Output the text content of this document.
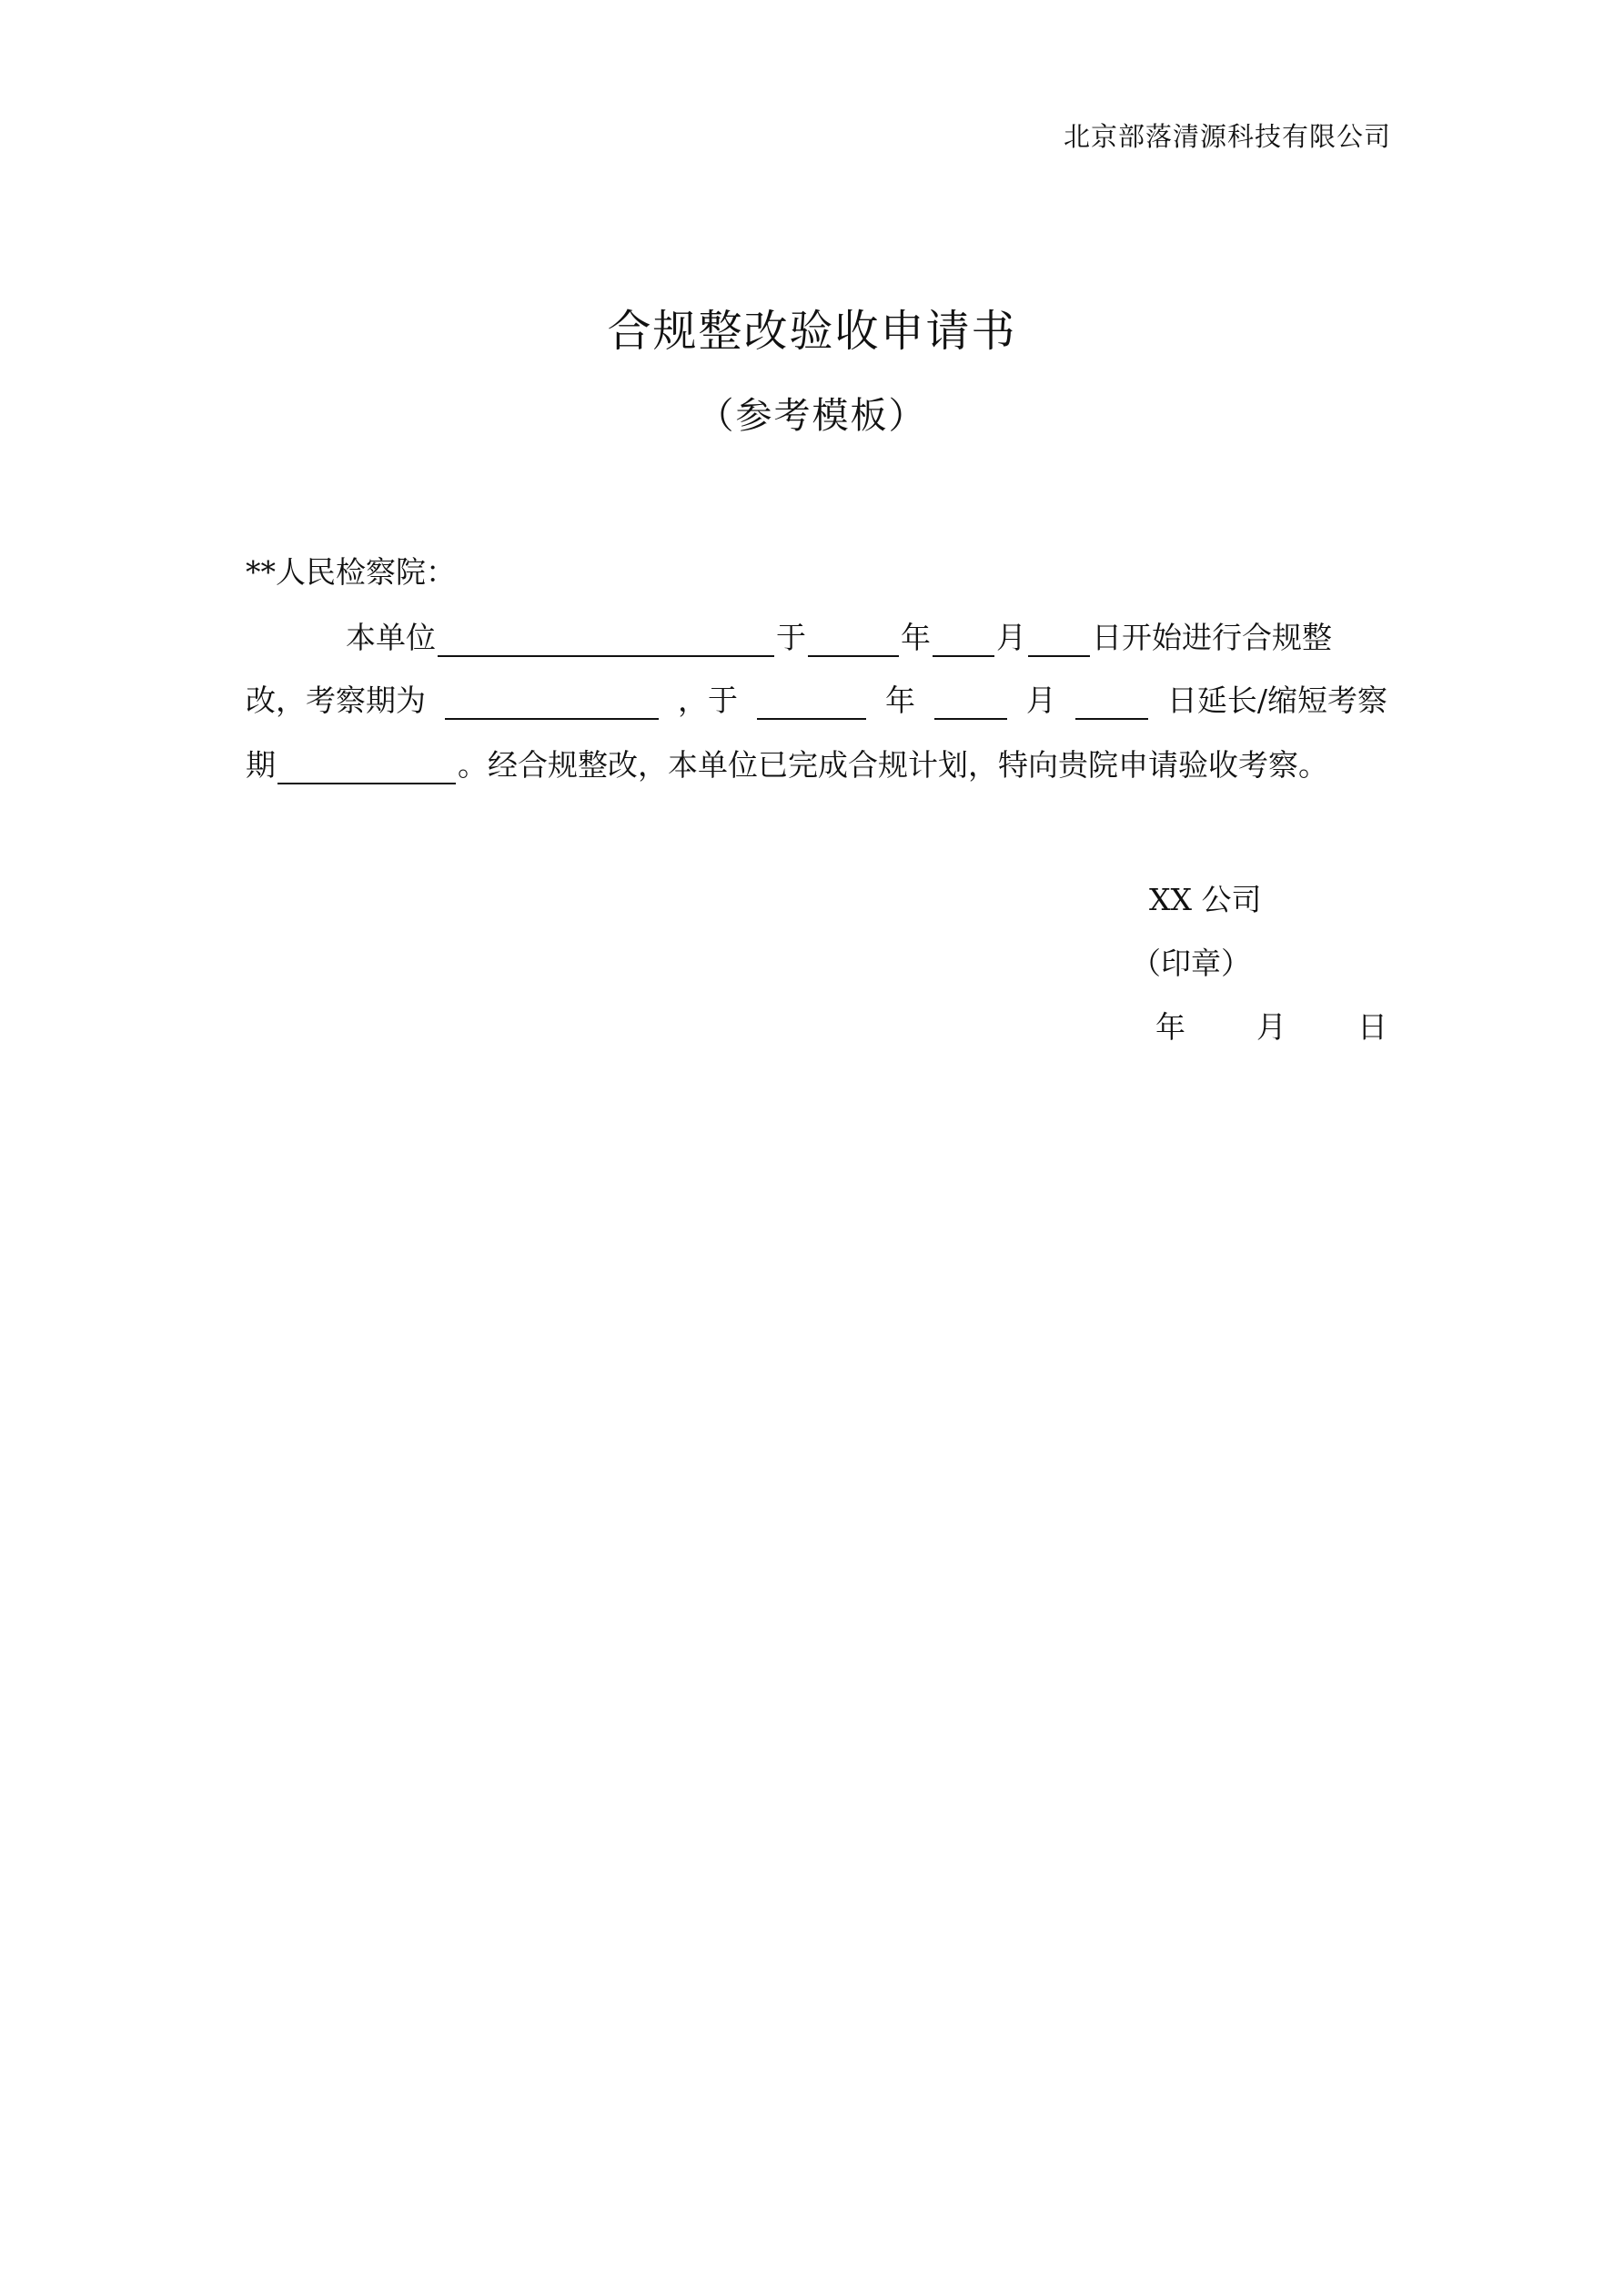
北京部落清源科技有限公司
合规整改验收申请书
（参考模板）
**人民检察院：
本单位	于	年 月 日开始进行合规整
改，考察期为	，于	年	月	日延长/缩短考察
期	。经合规整改，本单位已完成合规计划，特向贵院申请验收考察。
XX 公司
（印章）
年 月 日
